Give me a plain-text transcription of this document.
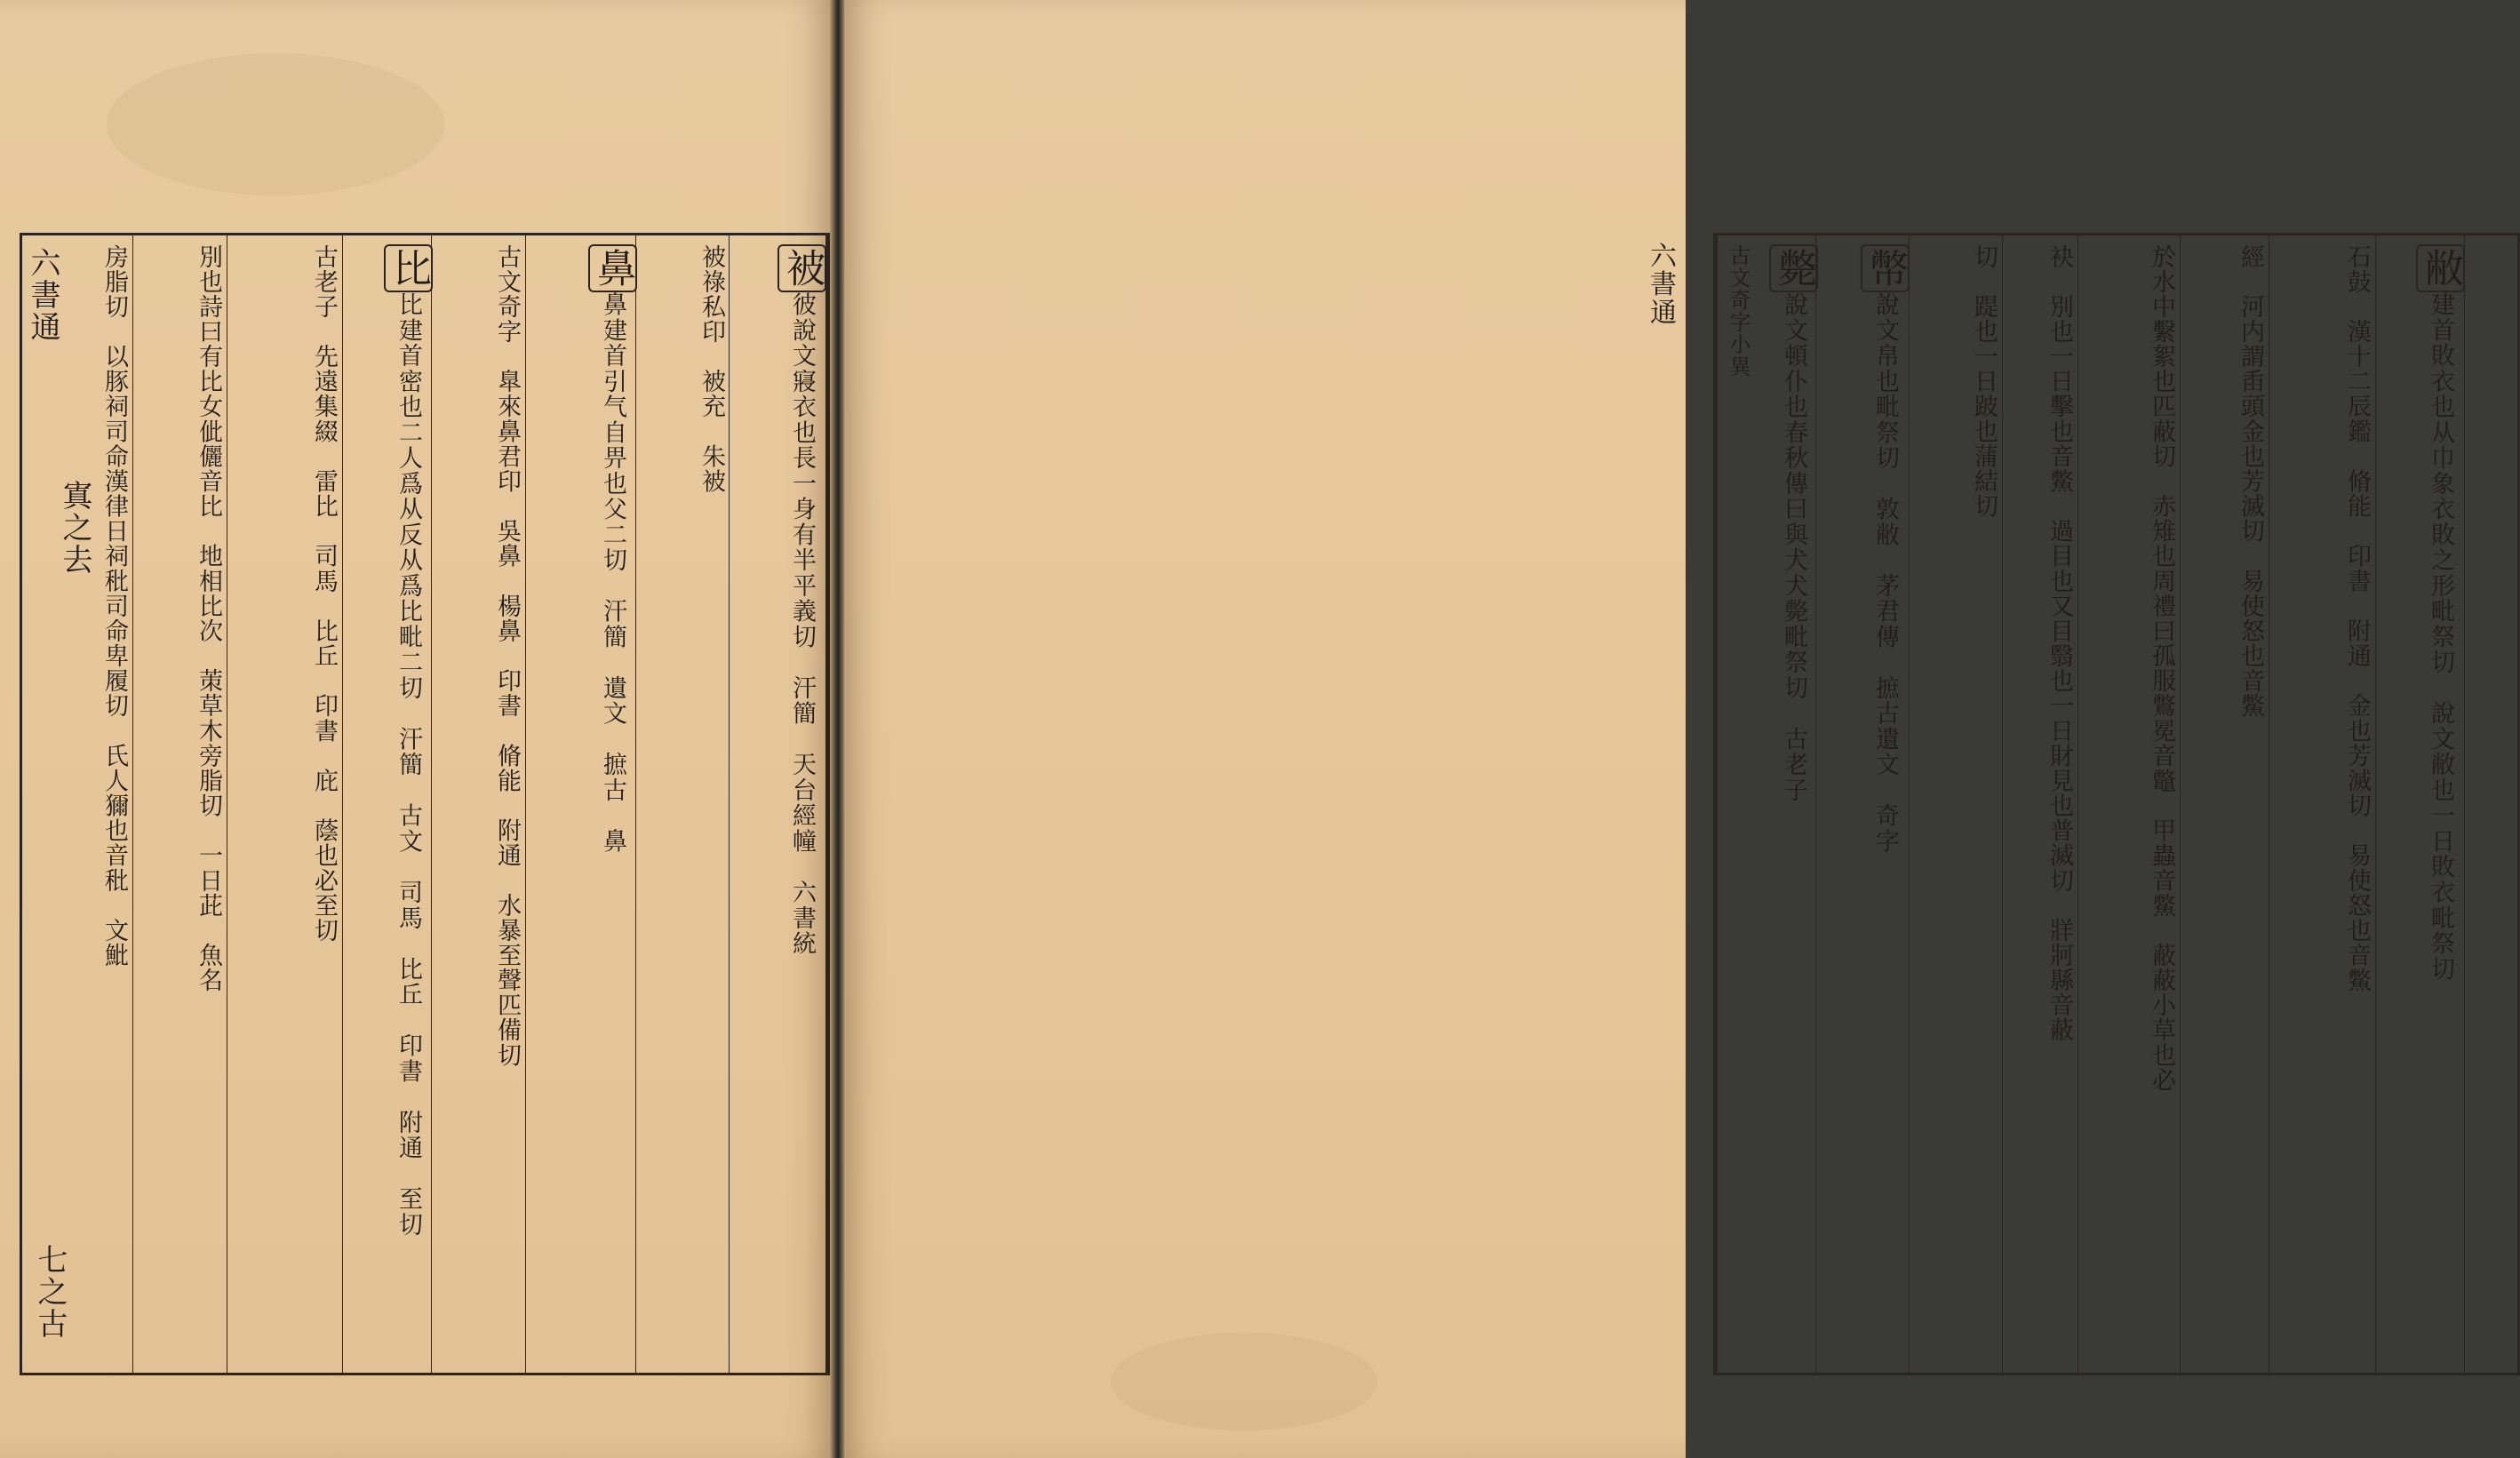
被彼說文寢衣也長一身有半平義切　汗簡　天台經幢　六書統
被祿私印　被充　朱被
鼻鼻建首引气自畀也父二切　汗簡　遺文　摭古　鼻
古文奇字　臯來鼻君印　吳鼻　楊鼻　印書　脩能　附通　水暴至聲匹備切
比比建首密也二人爲从反从爲比毗二切　汗簡　古文　司馬　比丘　印書　附通　至切
古老子　先遠集綴　雷比　司馬　比丘　印書　庇　蔭也必至切
別也詩曰有比女佌儷音比　地相比次　茦草木旁脂切　一日茈　魚名
房脂切　以豚祠司命漢律日祠秕司命卑履切　氏人獮也音秕　文魮
六書通
寘之去
七之古
敝建首敗衣也从巾象衣敗之形毗祭切　說文敝也一日敗衣毗祭切
石鼓　漢十二辰鑑　脩能　印書　附通　金也芳滅切　易使怒也音鱉
經　河内謂臿頭金也芳滅切　易使怒也音鱉
於水中繫絮也匹蔽切　赤雉也周禮曰孤服鷩冕音鼈　甲蟲音鱉　蔽蔽小草也必
袂　別也一日擊也音鱉　過目也又目翳也一日財見也普滅切　牂牁縣音蔽
切　踶也一日跛也蒲結切
幣說文帛也毗祭切　敦敝　茅君傳　摭古遺文　奇字
斃說文頓仆也春秋傳曰與犬犬斃毗祭切　古老子
古文奇字小異
六書通
